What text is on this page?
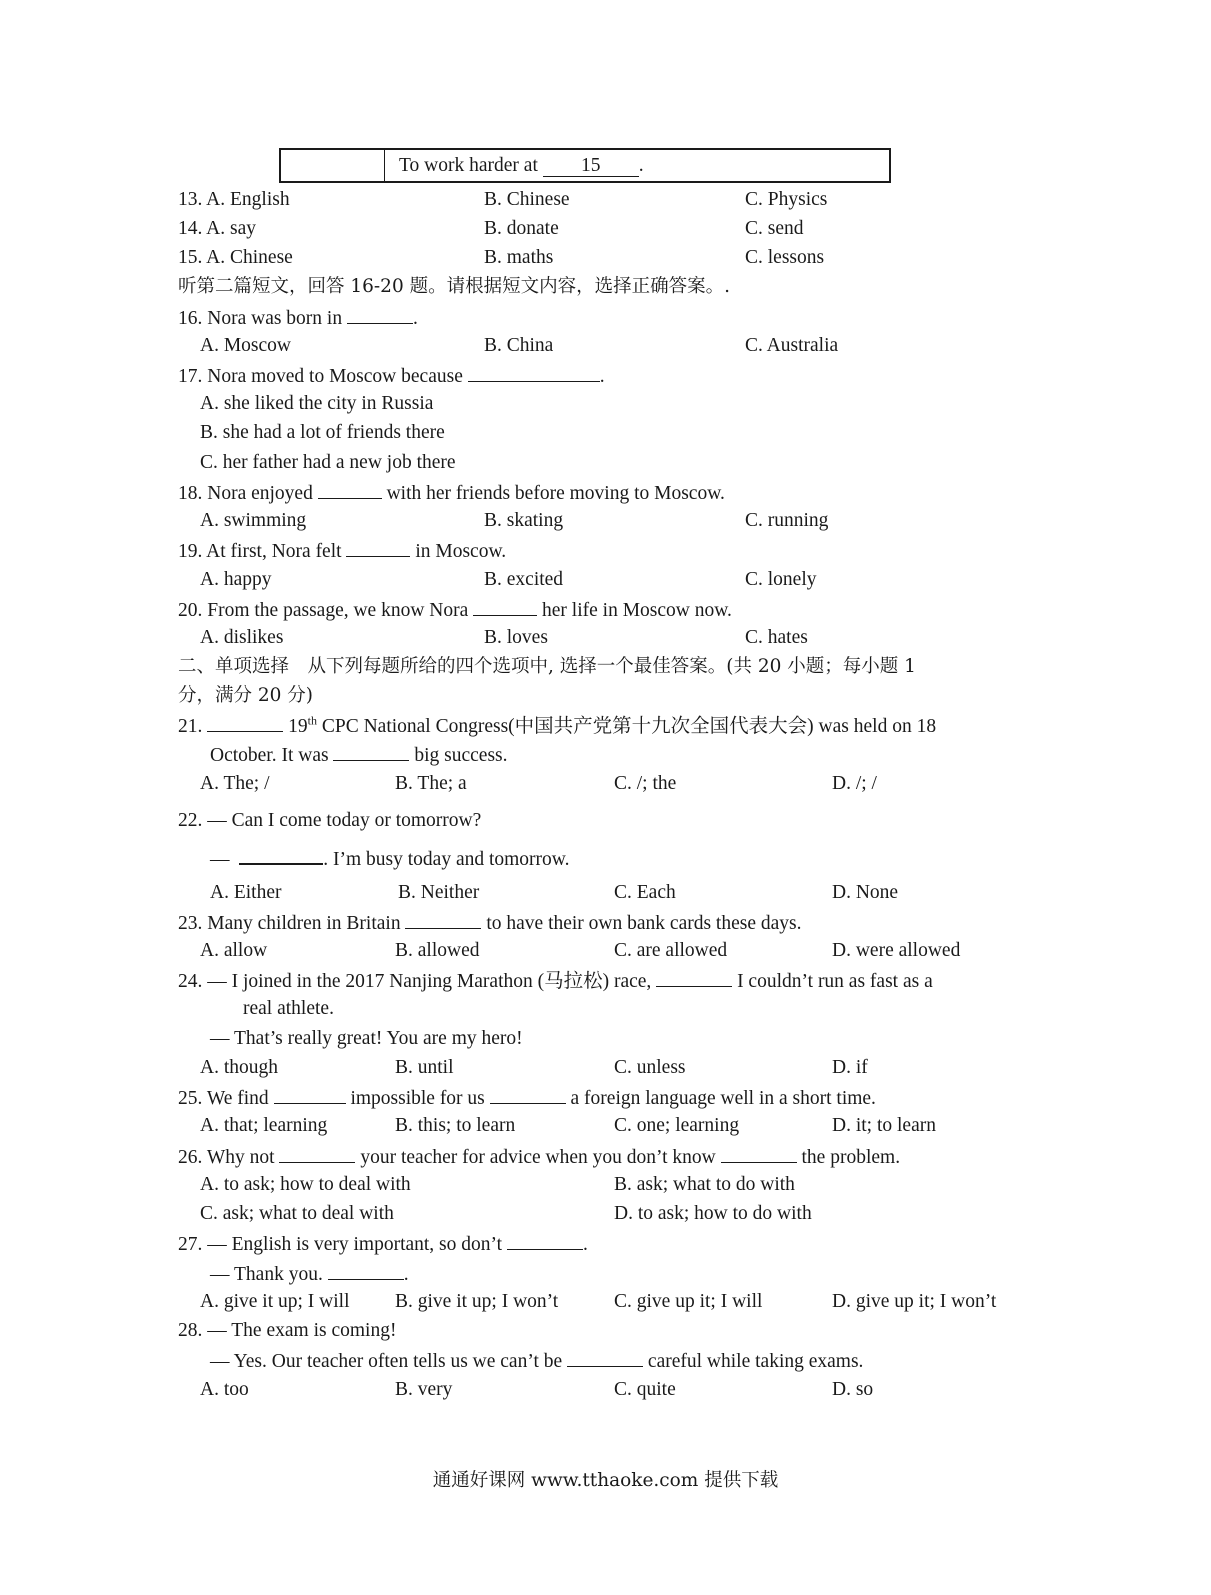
To work harder at 15 .
13. A. English	B. Chinese	C. Physics
14. A. say	B. donate	C. send
15. A. Chinese	B. maths	C. lessons
听第二篇短文，回答 16-20 题。请根据短文内容，选择正确答案。.
16. Nora was born in	.
A. Moscow	B. China	C. Australia
17. Nora moved to Moscow because	.
A. she liked the city in Russia
B. she had a lot of friends there
C. her father had a new job there
18. Nora enjoyed	with her friends before moving to Moscow.
A. swimming	B. skating	C. running
19. At first, Nora felt	in Moscow.
A. happy	B. excited	C. lonely
20. From the passage, we know Nora	her life in Moscow now.
A. dislikes	B. loves	C. hates
二、单项选择　从下列每题所给的四个选项中, 选择一个最佳答案。(共 20 小题；每小题 1
分，满分 20 分)
21.	19th CPC National Congress(中国共产党第十九次全国代表大会) was held on 18
October. It was	big success.
A. The; /	B. The; a	C. /; the	D. /; /
22. — Can I come today or tomorrow?
—	. I’m busy today and tomorrow.
A. Either	B. Neither	C. Each	D. None
23. Many children in Britain	to have their own bank cards these days.
A. allow	B. allowed	C. are allowed	D. were allowed
24. — I joined in the 2017 Nanjing Marathon (马拉松) race,	I couldn’t run as fast as a
real athlete.
— That’s really great! You are my hero!
A. though	B. until	C. unless	D. if
25. We find	impossible for us	a foreign language well in a short time.
A. that; learning	B. this; to learn	C. one; learning	D. it; to learn
26. Why not	your teacher for advice when you don’t know	the problem.
A. to ask; how to deal with	B. ask; what to do with
C. ask; what to deal with	D. to ask; how to do with
27. — English is very important, so don’t	.
— Thank you.	.
A. give it up; I will B. give it up; I won’t	C. give up it; I will	D. give up it; I won’t
28. — The exam is coming!
— Yes. Our teacher often tells us we can’t be	careful while taking exams.
A. too	B. very	C. quite	D. so
通通好课网 www.tthaoke.com 提供下载
